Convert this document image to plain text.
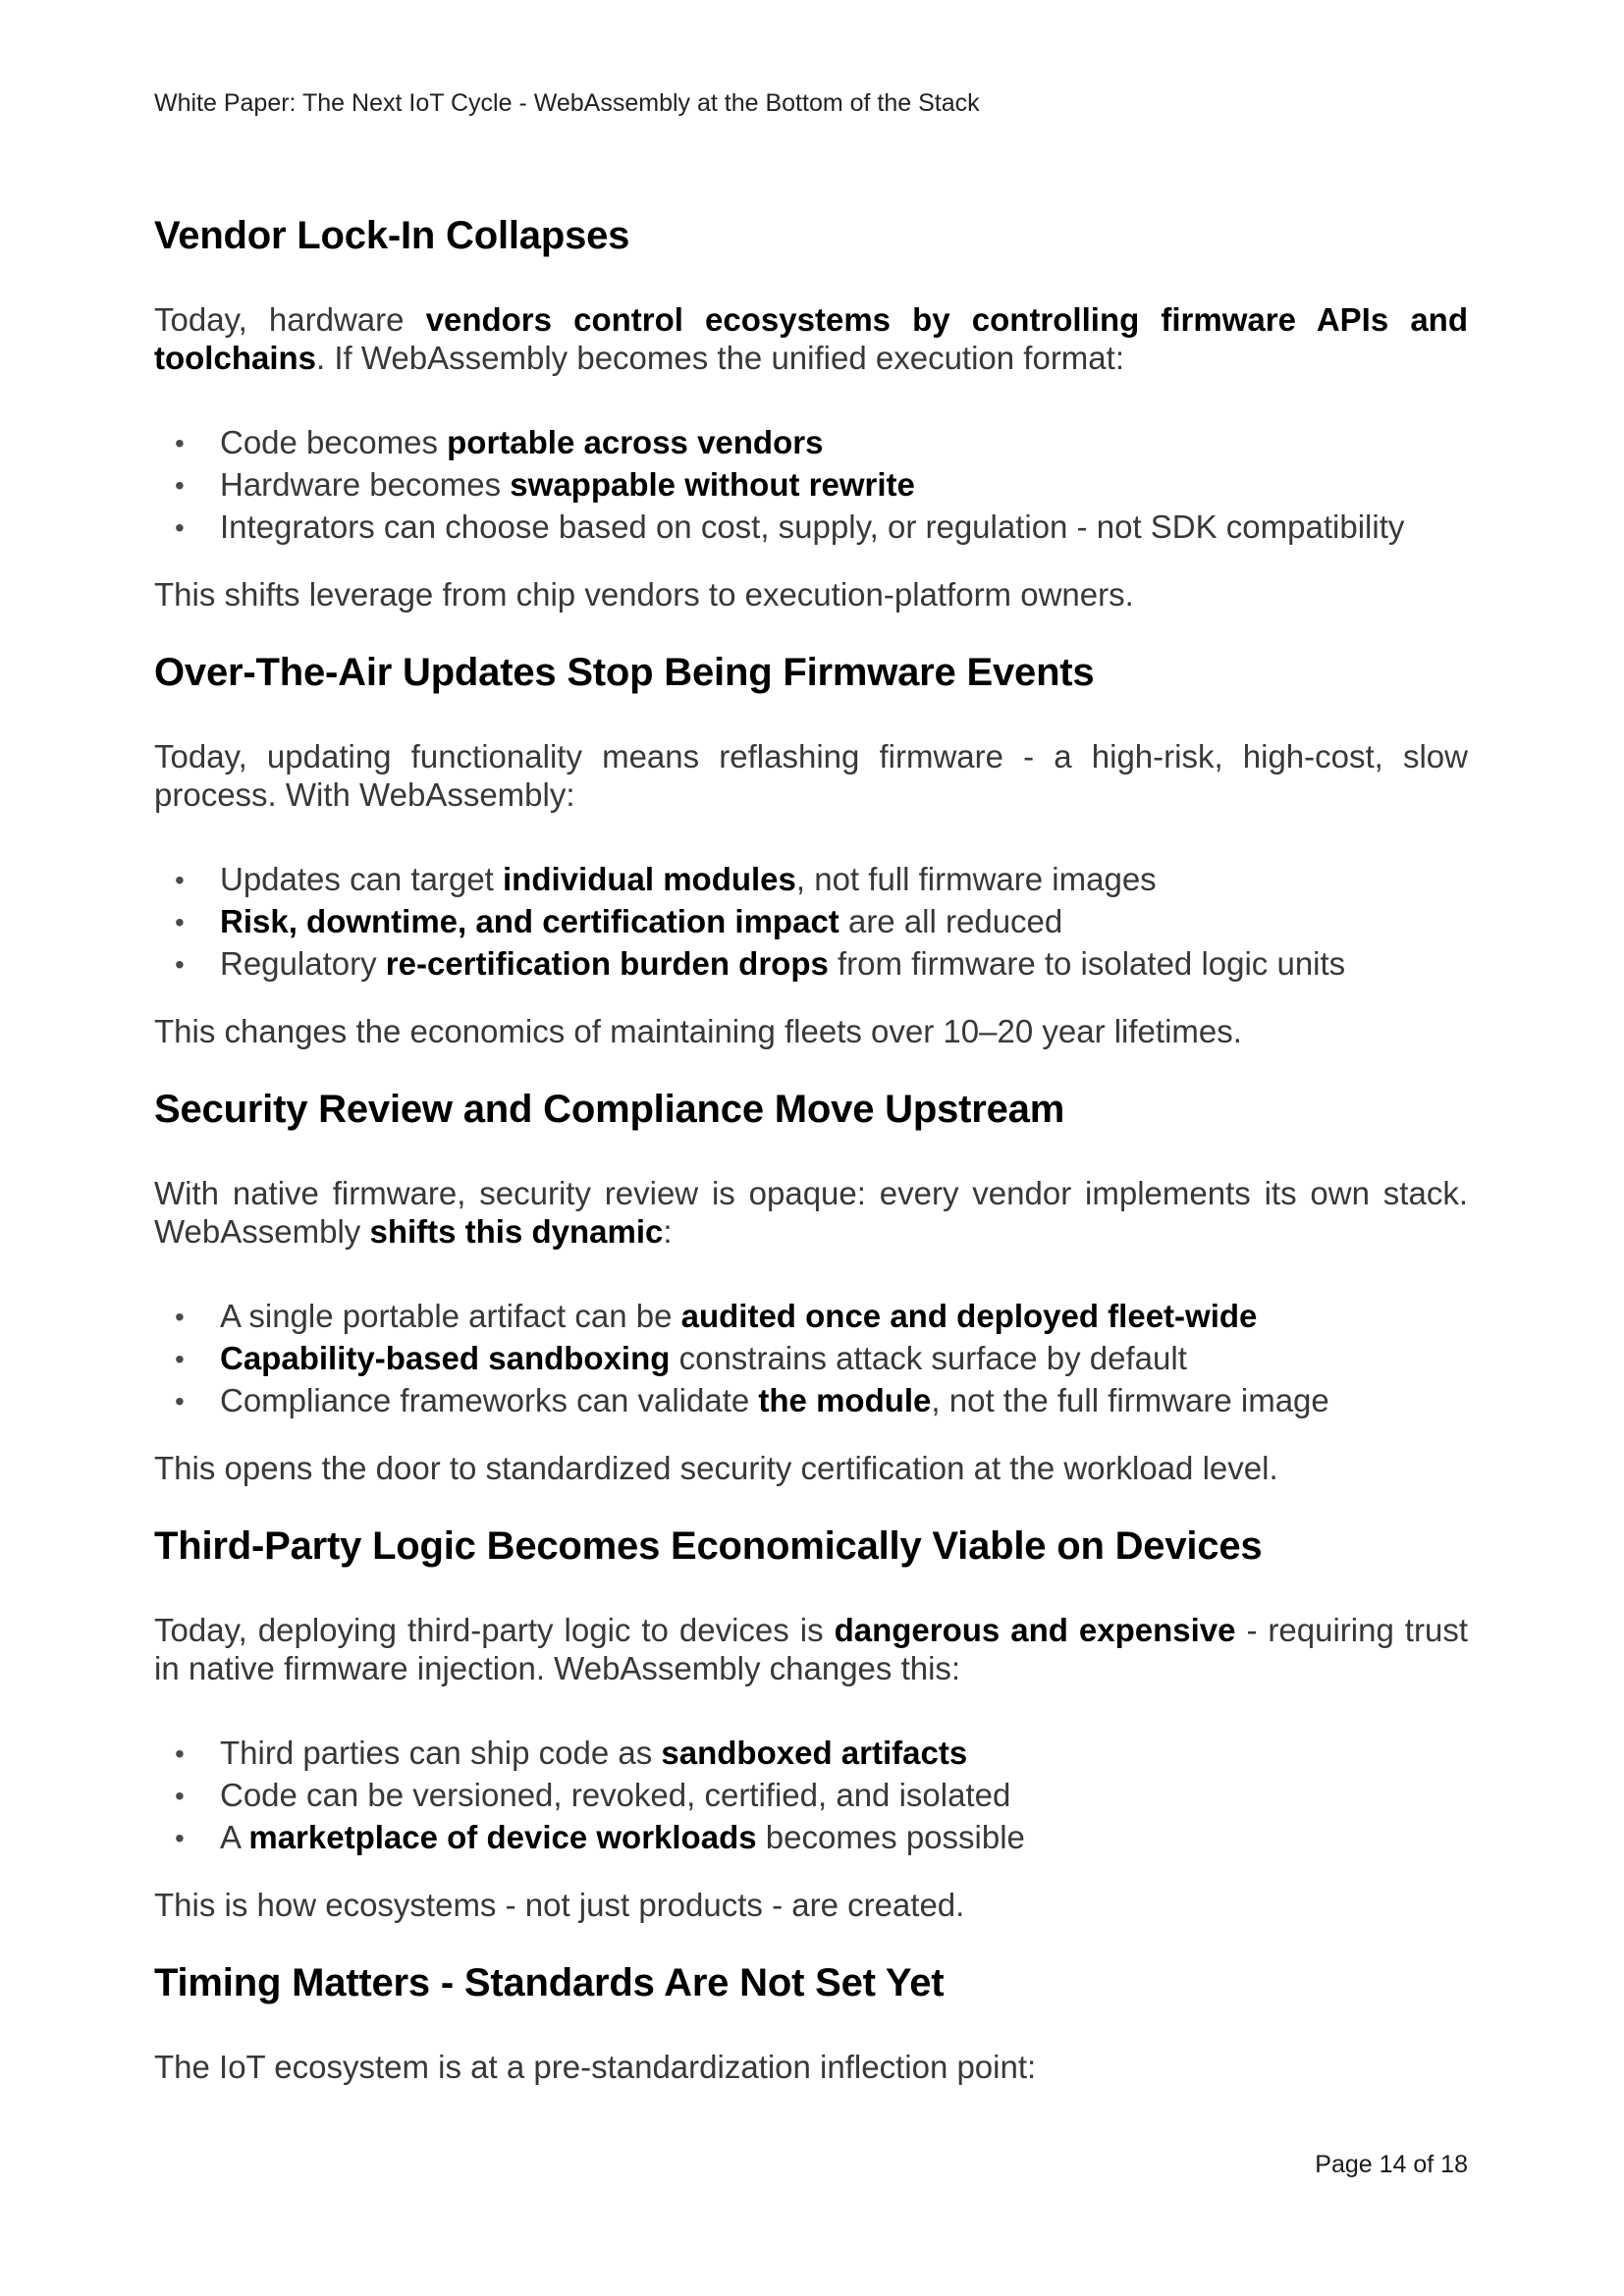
White Paper: The Next IoT Cycle - WebAssembly at the Bottom of the Stack
Vendor Lock-In Collapses

Today, hardware vendors control ecosystems by controlling firmware APIs and toolchains. If WebAssembly becomes the unified execution format:

• Code becomes portable across vendors
• Hardware becomes swappable without rewrite
• Integrators can choose based on cost, supply, or regulation - not SDK compatibility

This shifts leverage from chip vendors to execution-platform owners.

Over-The-Air Updates Stop Being Firmware Events

Today, updating functionality means reflashing firmware - a high-risk, high-cost, slow process. With WebAssembly:

• Updates can target individual modules, not full firmware images
• Risk, downtime, and certification impact are all reduced
• Regulatory re-certification burden drops from firmware to isolated logic units

This changes the economics of maintaining fleets over 10–20 year lifetimes.

Security Review and Compliance Move Upstream

With native firmware, security review is opaque: every vendor implements its own stack. WebAssembly shifts this dynamic:

• A single portable artifact can be audited once and deployed fleet-wide
• Capability-based sandboxing constrains attack surface by default
• Compliance frameworks can validate the module, not the full firmware image

This opens the door to standardized security certification at the workload level.

Third-Party Logic Becomes Economically Viable on Devices

Today, deploying third-party logic to devices is dangerous and expensive - requiring trust in native firmware injection. WebAssembly changes this:

• Third parties can ship code as sandboxed artifacts
• Code can be versioned, revoked, certified, and isolated
• A marketplace of device workloads becomes possible

This is how ecosystems - not just products - are created.

Timing Matters - Standards Are Not Set Yet

The IoT ecosystem is at a pre-standardization inflection point:

Page 14 of 18
